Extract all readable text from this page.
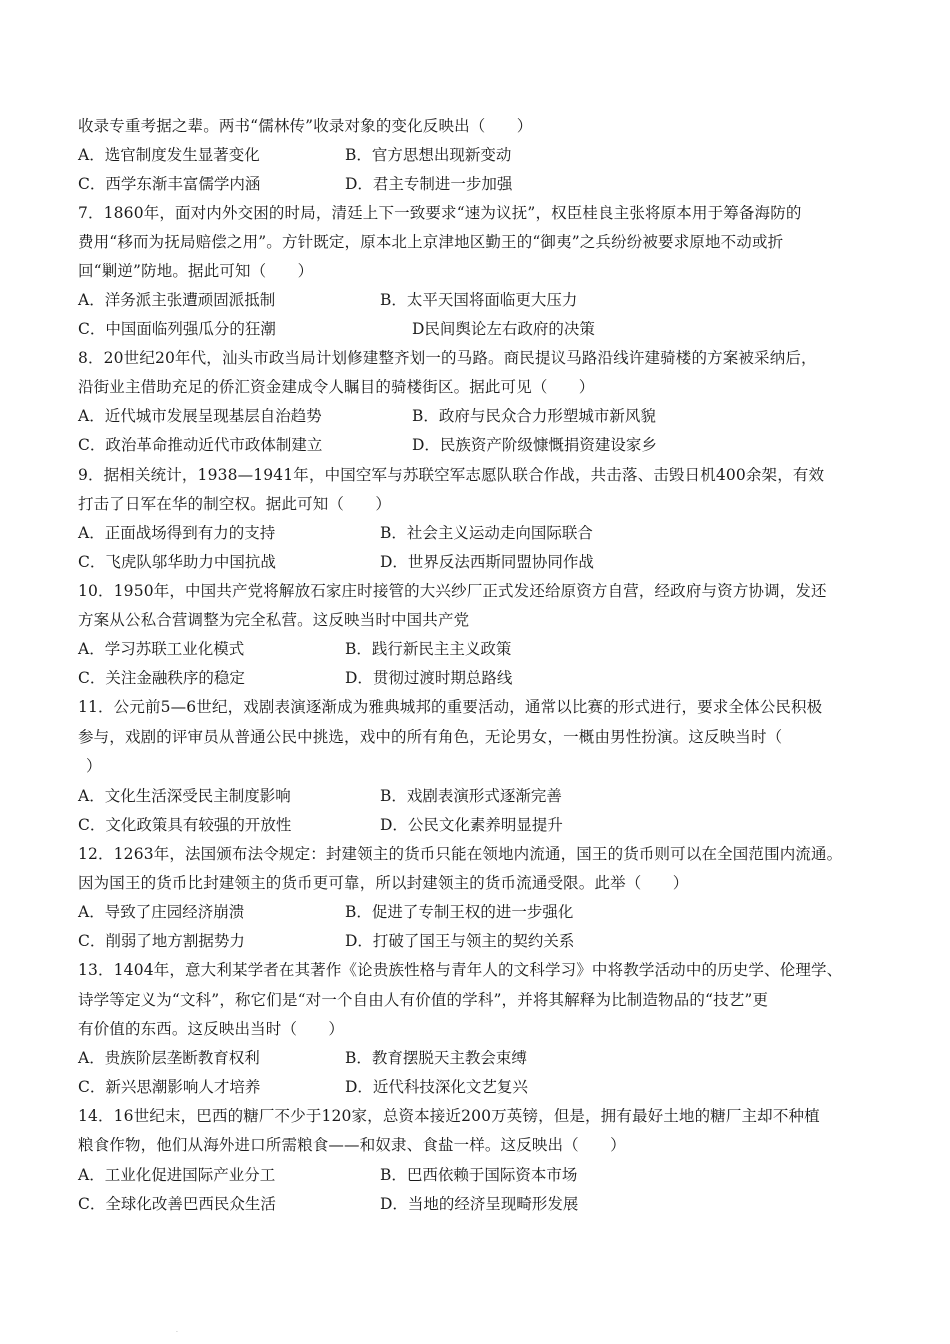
收录专重考据之辈。两书“儒林传”收录对象的变化反映出（　　）
A．选官制度发生显著变化	B．官方思想出现新变动
C．西学东渐丰富儒学内涵	D．君主专制进一步加强
7．1860年，面对内外交困的时局，清廷上下一致要求“速为议抚”，权臣桂良主张将原本用于筹备海防的
费用“移而为抚局赔偿之用”。方针既定，原本北上京津地区勤王的“御夷”之兵纷纷被要求原地不动或折
回“剿逆”防地。据此可知（　　）
A．洋务派主张遭顽固派抵制	B．太平天国将面临更大压力
C．中国面临列强瓜分的狂潮	D民间舆论左右政府的决策
8．20世纪20年代，汕头市政当局计划修建整齐划一的马路。商民提议马路沿线许建骑楼的方案被采纳后，
沿街业主借助充足的侨汇资金建成令人瞩目的骑楼街区。据此可见（　　）
A．近代城市发展呈现基层自治趋势	B．政府与民众合力形塑城市新风貌
C．政治革命推动近代市政体制建立	D．民族资产阶级慷慨捐资建设家乡
9．据相关统计，1938—1941年，中国空军与苏联空军志愿队联合作战，共击落、击毁日机400余架，有效
打击了日军在华的制空权。据此可知（　　）
A．正面战场得到有力的支持	B．社会主义运动走向国际联合
C．飞虎队邬华助力中国抗战	D．世界反法西斯同盟协同作战
10．1950年，中国共产党将解放石家庄时接管的大兴纱厂正式发还给原资方自营，经政府与资方协调，发还
方案从公私合营调整为完全私营。这反映当时中国共产党
A．学习苏联工业化模式	B．践行新民主主义政策
C．关注金融秩序的稳定	D．贯彻过渡时期总路线
11．公元前5—6世纪，戏剧表演逐渐成为雅典城邦的重要活动，通常以比赛的形式进行，要求全体公民积极
参与，戏剧的评审员从普通公民中挑选，戏中的所有角色，无论男女，一概由男性扮演。这反映当时（
）
A．文化生活深受民主制度影响	B．戏剧表演形式逐渐完善
C．文化政策具有较强的开放性	D．公民文化素养明显提升
12．1263年，法国颁布法令规定：封建领主的货币只能在领地内流通，国王的货币则可以在全国范围内流通。
因为国王的货币比封建领主的货币更可靠，所以封建领主的货币流通受限。此举（　　）
A．导致了庄园经济崩溃	B．促进了专制王权的进一步强化
C．削弱了地方割据势力	D．打破了国王与领主的契约关系
13．1404年，意大利某学者在其著作《论贵族性格与青年人的文科学习》中将教学活动中的历史学、伦理学、
诗学等定义为“文科”，称它们是“对一个自由人有价值的学科”，并将其解释为比制造物品的“技艺”更
有价值的东西。这反映出当时（　　）
A．贵族阶层垄断教育权利	B．教育摆脱天主教会束缚
C．新兴思潮影响人才培养	D．近代科技深化文艺复兴
14．16世纪末，巴西的糖厂不少于120家，总资本接近200万英镑，但是，拥有最好土地的糖厂主却不种植
粮食作物，他们从海外进口所需粮食——和奴隶、食盐一样。这反映出（　　）
A．工业化促进国际产业分工	B．巴西依赖于国际资本市场
C．全球化改善巴西民众生活	D．当地的经济呈现畸形发展
.
